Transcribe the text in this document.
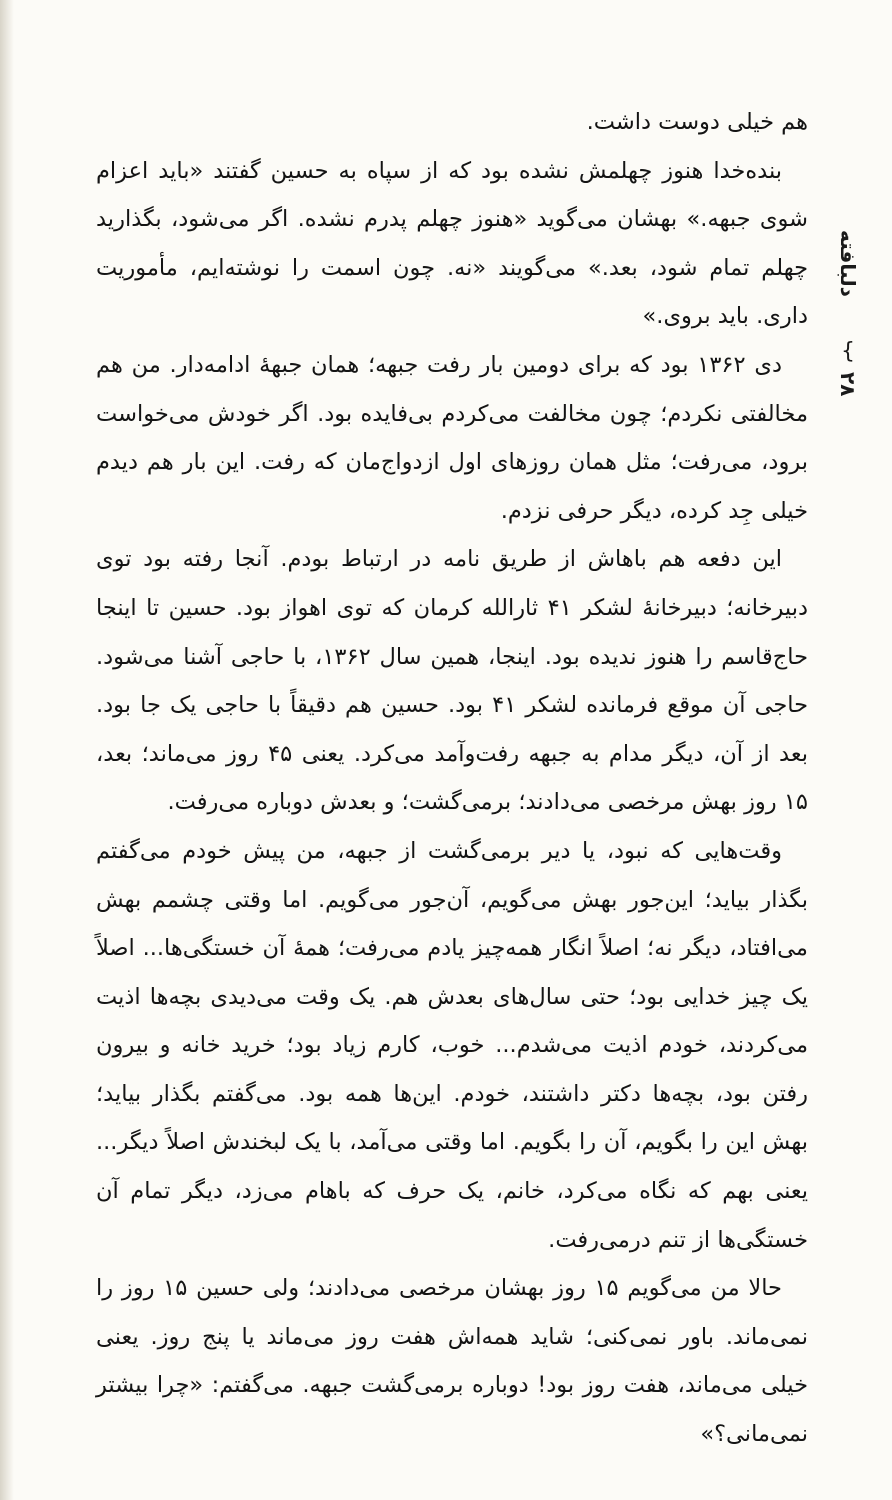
دلبافته
{
۲۸

هم خیلی دوست داشت.

بنده‌خدا هنوز چهلمش نشده بود که از سپاه به حسین گفتند «باید اعزام شوی جبهه.» بهشان می‌گوید «هنوز چهلم پدرم نشده. اگر می‌شود، بگذارید چهلم تمام شود، بعد.» می‌گویند «نه. چون اسمت را نوشته‌ایم، مأموریت داری. باید بروی.»

دی ۱۳۶۲ بود که برای دومین بار رفت جبهه؛ همان جبههٔ ادامه‌دار. من هم مخالفتی نکردم؛ چون مخالفت می‌کردم بی‌فایده بود. اگر خودش می‌خواست برود، می‌رفت؛ مثل همان روزهای اول ازدواج‌مان که رفت. این بار هم دیدم خیلی جِد کرده، دیگر حرفی نزدم.

این دفعه هم باهاش از طریق نامه در ارتباط بودم. آنجا رفته بود توی دبیرخانه؛ دبیرخانهٔ لشکر ۴۱ ثارالله کرمان که توی اهواز بود. حسین تا اینجا حاج‌قاسم را هنوز ندیده بود. اینجا، همین سال ۱۳۶۲، با حاجی آشنا می‌شود. حاجی آن موقع فرمانده لشکر ۴۱ بود. حسین هم دقیقاً با حاجی یک جا بود. بعد از آن، دیگر مدام به جبهه رفت‌وآمد می‌کرد. یعنی ۴۵ روز می‌ماند؛ بعد، ۱۵ روز بهش مرخصی می‌دادند؛ برمی‌گشت؛ و بعدش دوباره می‌رفت.

وقت‌هایی که نبود، یا دیر برمی‌گشت از جبهه، من پیش خودم می‌گفتم بگذار بیاید؛ این‌جور بهش می‌گویم، آن‌جور می‌گویم. اما وقتی چشمم بهش می‌افتاد، دیگر نه؛ اصلاً انگار همه‌چیز یادم می‌رفت؛ همهٔ آن خستگی‌ها... اصلاً یک چیز خدایی بود؛ حتی سال‌های بعدش هم. یک وقت می‌دیدی بچه‌ها اذیت می‌کردند، خودم اذیت می‌شدم... خوب، کارم زیاد بود؛ خرید خانه و بیرون رفتن بود، بچه‌ها دکتر داشتند، خودم. این‌ها همه بود. می‌گفتم بگذار بیاید؛ بهش این را بگویم، آن را بگویم. اما وقتی می‌آمد، با یک لبخندش اصلاً دیگر... یعنی بهم که نگاه می‌کرد، خانم، یک حرف که باهام می‌زد، دیگر تمام آن خستگی‌ها از تنم درمی‌رفت.

حالا من می‌گویم ۱۵ روز بهشان مرخصی می‌دادند؛ ولی حسین ۱۵ روز را نمی‌ماند. باور نمی‌کنی؛ شاید همه‌اش هفت روز می‌ماند یا پنج روز. یعنی خیلی می‌ماند، هفت روز بود! دوباره برمی‌گشت جبهه. می‌گفتم: «چرا بیشتر نمی‌مانی؟»
